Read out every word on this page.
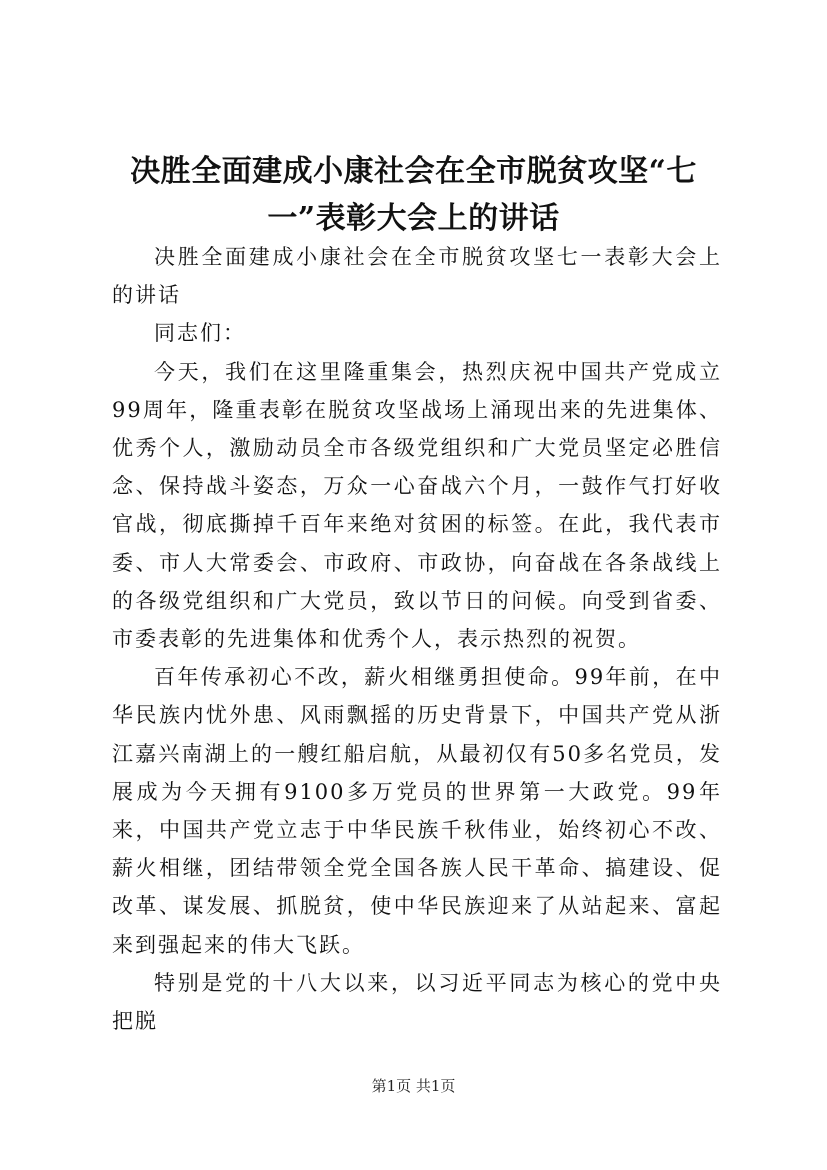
决胜全面建成小康社会在全市脱贫攻坚“七一”表彰大会上的讲话

决胜全面建成小康社会在全市脱贫攻坚七一表彰大会上的讲话

同志们：

今天，我们在这里隆重集会，热烈庆祝中国共产党成立99周年，隆重表彰在脱贫攻坚战场上涌现出来的先进集体、优秀个人，激励动员全市各级党组织和广大党员坚定必胜信念、保持战斗姿态，万众一心奋战六个月，一鼓作气打好收官战，彻底撕掉千百年来绝对贫困的标签。在此，我代表市委、市人大常委会、市政府、市政协，向奋战在各条战线上的各级党组织和广大党员，致以节日的问候。向受到省委、市委表彰的先进集体和优秀个人，表示热烈的祝贺。

百年传承初心不改，薪火相继勇担使命。99年前，在中华民族内忧外患、风雨飘摇的历史背景下，中国共产党从浙江嘉兴南湖上的一艘红船启航，从最初仅有50多名党员，发展成为今天拥有9100多万党员的世界第一大政党。99年来，中国共产党立志于中华民族千秋伟业，始终初心不改、薪火相继，团结带领全党全国各族人民干革命、搞建设、促改革、谋发展、抓脱贫，使中华民族迎来了从站起来、富起来到强起来的伟大飞跃。

特别是党的十八大以来，以习近平同志为核心的党中央把脱

第1页 共1页
